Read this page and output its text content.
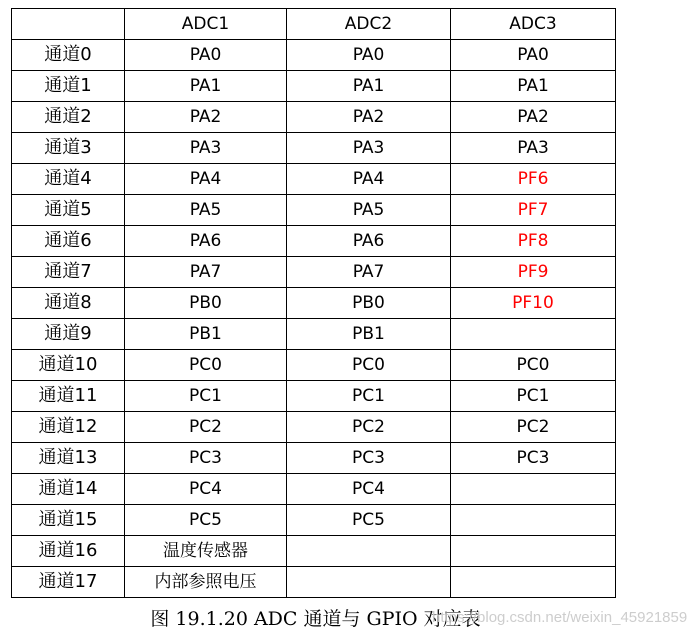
	ADC1	ADC2	ADC3
通道0	PA0	PA0	PA0
通道1	PA1	PA1	PA1
通道2	PA2	PA2	PA2
通道3	PA3	PA3	PA3
通道4	PA4	PA4	PF6
通道5	PA5	PA5	PF7
通道6	PA6	PA6	PF8
通道7	PA7	PA7	PF9
通道8	PB0	PB0	PF10
通道9	PB1	PB1	
通道10	PC0	PC0	PC0
通道11	PC1	PC1	PC1
通道12	PC2	PC2	PC2
通道13	PC3	PC3	PC3
通道14	PC4	PC4	
通道15	PC5	PC5	
通道16	温度传感器		
通道17	内部参照电压		
图 19.1.20 ADC 通道与 GPIO 对应表
https://blog.csdn.net/weixin_45921859
